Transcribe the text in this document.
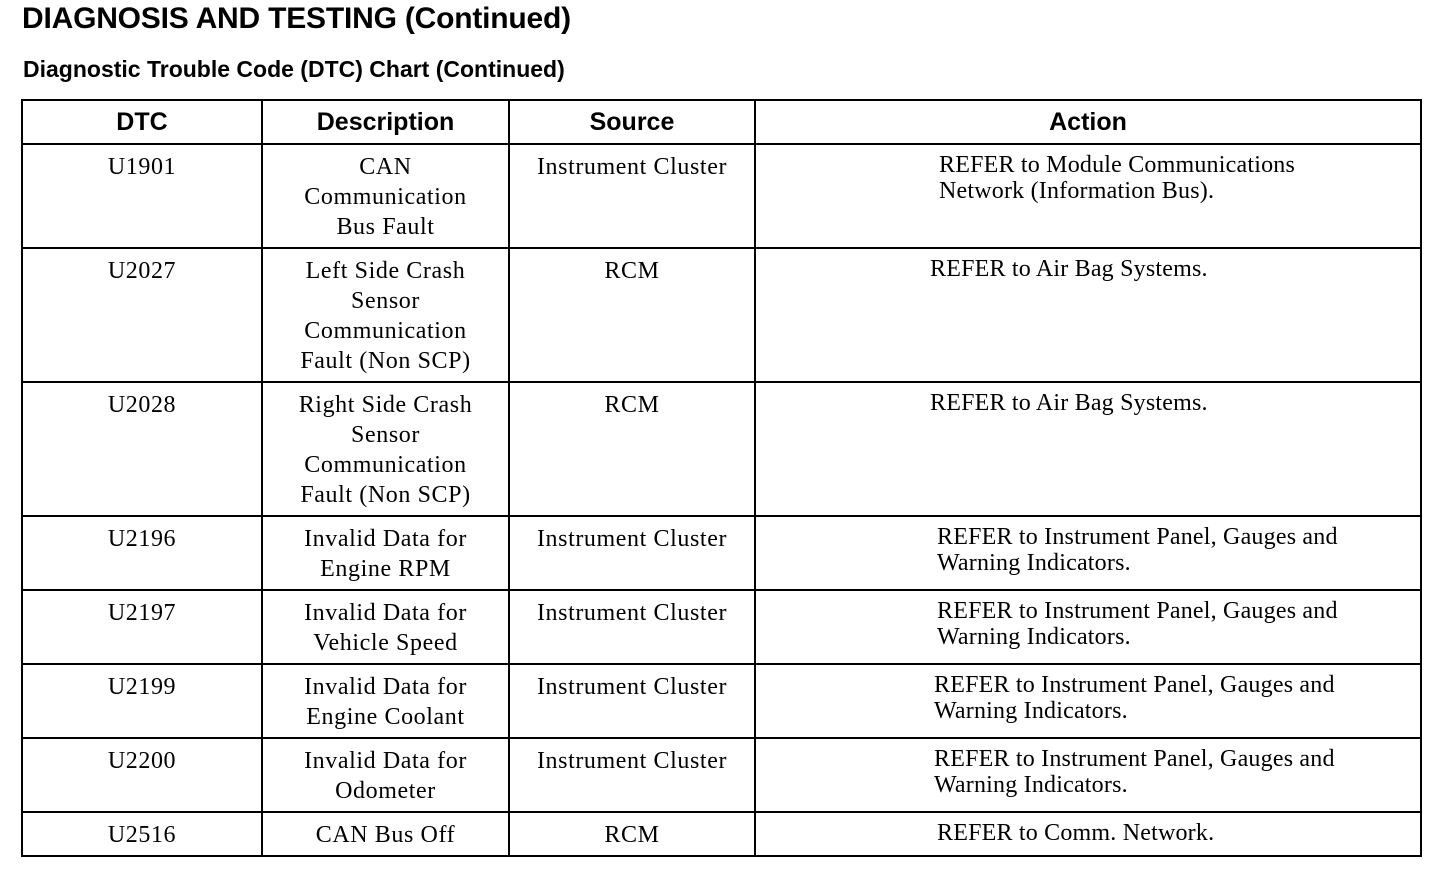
DIAGNOSIS AND TESTING (Continued)
Diagnostic Trouble Code (DTC) Chart (Continued)
DTC	Description	Source	Action
U1901	CAN Communication Bus Fault	Instrument Cluster	REFER to Module Communications Network (Information Bus).

U2027	Left Side Crash Sensor Communication Fault (Non SCP)	RCM	REFER to Air Bag Systems.

U2028	Right Side Crash Sensor Communication Fault (Non SCP)	RCM	REFER to Air Bag Systems.

U2196	Invalid Data for Engine RPM	Instrument Cluster	REFER to Instrument Panel, Gauges and Warning Indicators.

U2197	Invalid Data for Vehicle Speed	Instrument Cluster	REFER to Instrument Panel, Gauges and Warning Indicators.

U2199	Invalid Data for Engine Coolant	Instrument Cluster	REFER to Instrument Panel, Gauges and Warning Indicators.

U2200	Invalid Data for Odometer	Instrument Cluster	REFER to Instrument Panel, Gauges and Warning Indicators.

U2516	CAN Bus Off	RCM	REFER to Comm. Network.
